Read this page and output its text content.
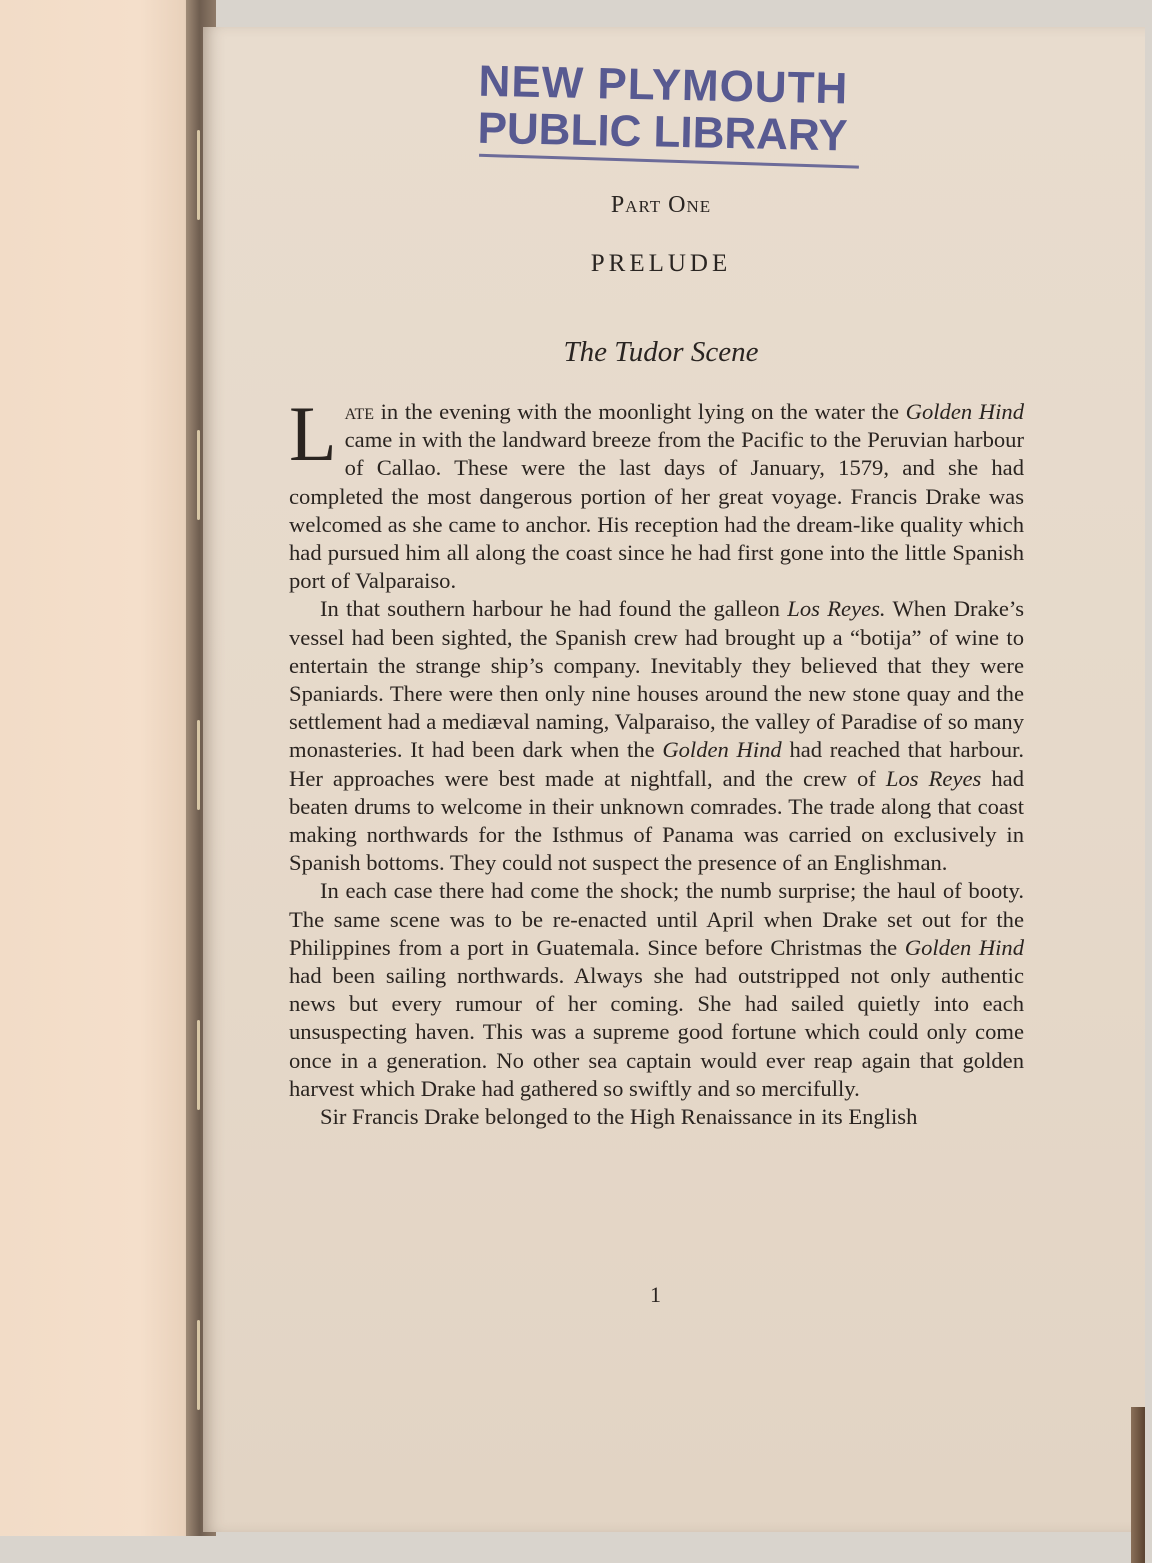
NEW PLYMOUTH
PUBLIC LIBRARY
Part One
PRELUDE
The Tudor Scene

Late in the evening with the moonlight lying on the water the Golden Hind came in with the landward breeze from the Pacific to the Peruvian harbour of Callao. These were the last days of January, 1579, and she had completed the most dangerous portion of her great voyage. Francis Drake was welcomed as she came to anchor. His reception had the dream-like quality which had pursued him all along the coast since he had first gone into the little Spanish port of Valparaiso.

In that southern harbour he had found the galleon Los Reyes. When Drake’s vessel had been sighted, the Spanish crew had brought up a “botija” of wine to entertain the strange ship’s company. Inevitably they believed that they were Spaniards. There were then only nine houses around the new stone quay and the settlement had a mediæval naming, Valparaiso, the valley of Paradise of so many monasteries. It had been dark when the Golden Hind had reached that harbour. Her approaches were best made at nightfall, and the crew of Los Reyes had beaten drums to welcome in their unknown comrades. The trade along that coast making northwards for the Isthmus of Panama was carried on exclusively in Spanish bottoms. They could not suspect the presence of an Englishman.

In each case there had come the shock; the numb surprise; the haul of booty. The same scene was to be re-enacted until April when Drake set out for the Philippines from a port in Guatemala. Since before Christmas the Golden Hind had been sailing northwards. Always she had outstripped not only authentic news but every rumour of her coming. She had sailed quietly into each unsuspecting haven. This was a supreme good fortune which could only come once in a generation. No other sea captain would ever reap again that golden harvest which Drake had gathered so swiftly and so mercifully.

Sir Francis Drake belonged to the High Renaissance in its English

1
